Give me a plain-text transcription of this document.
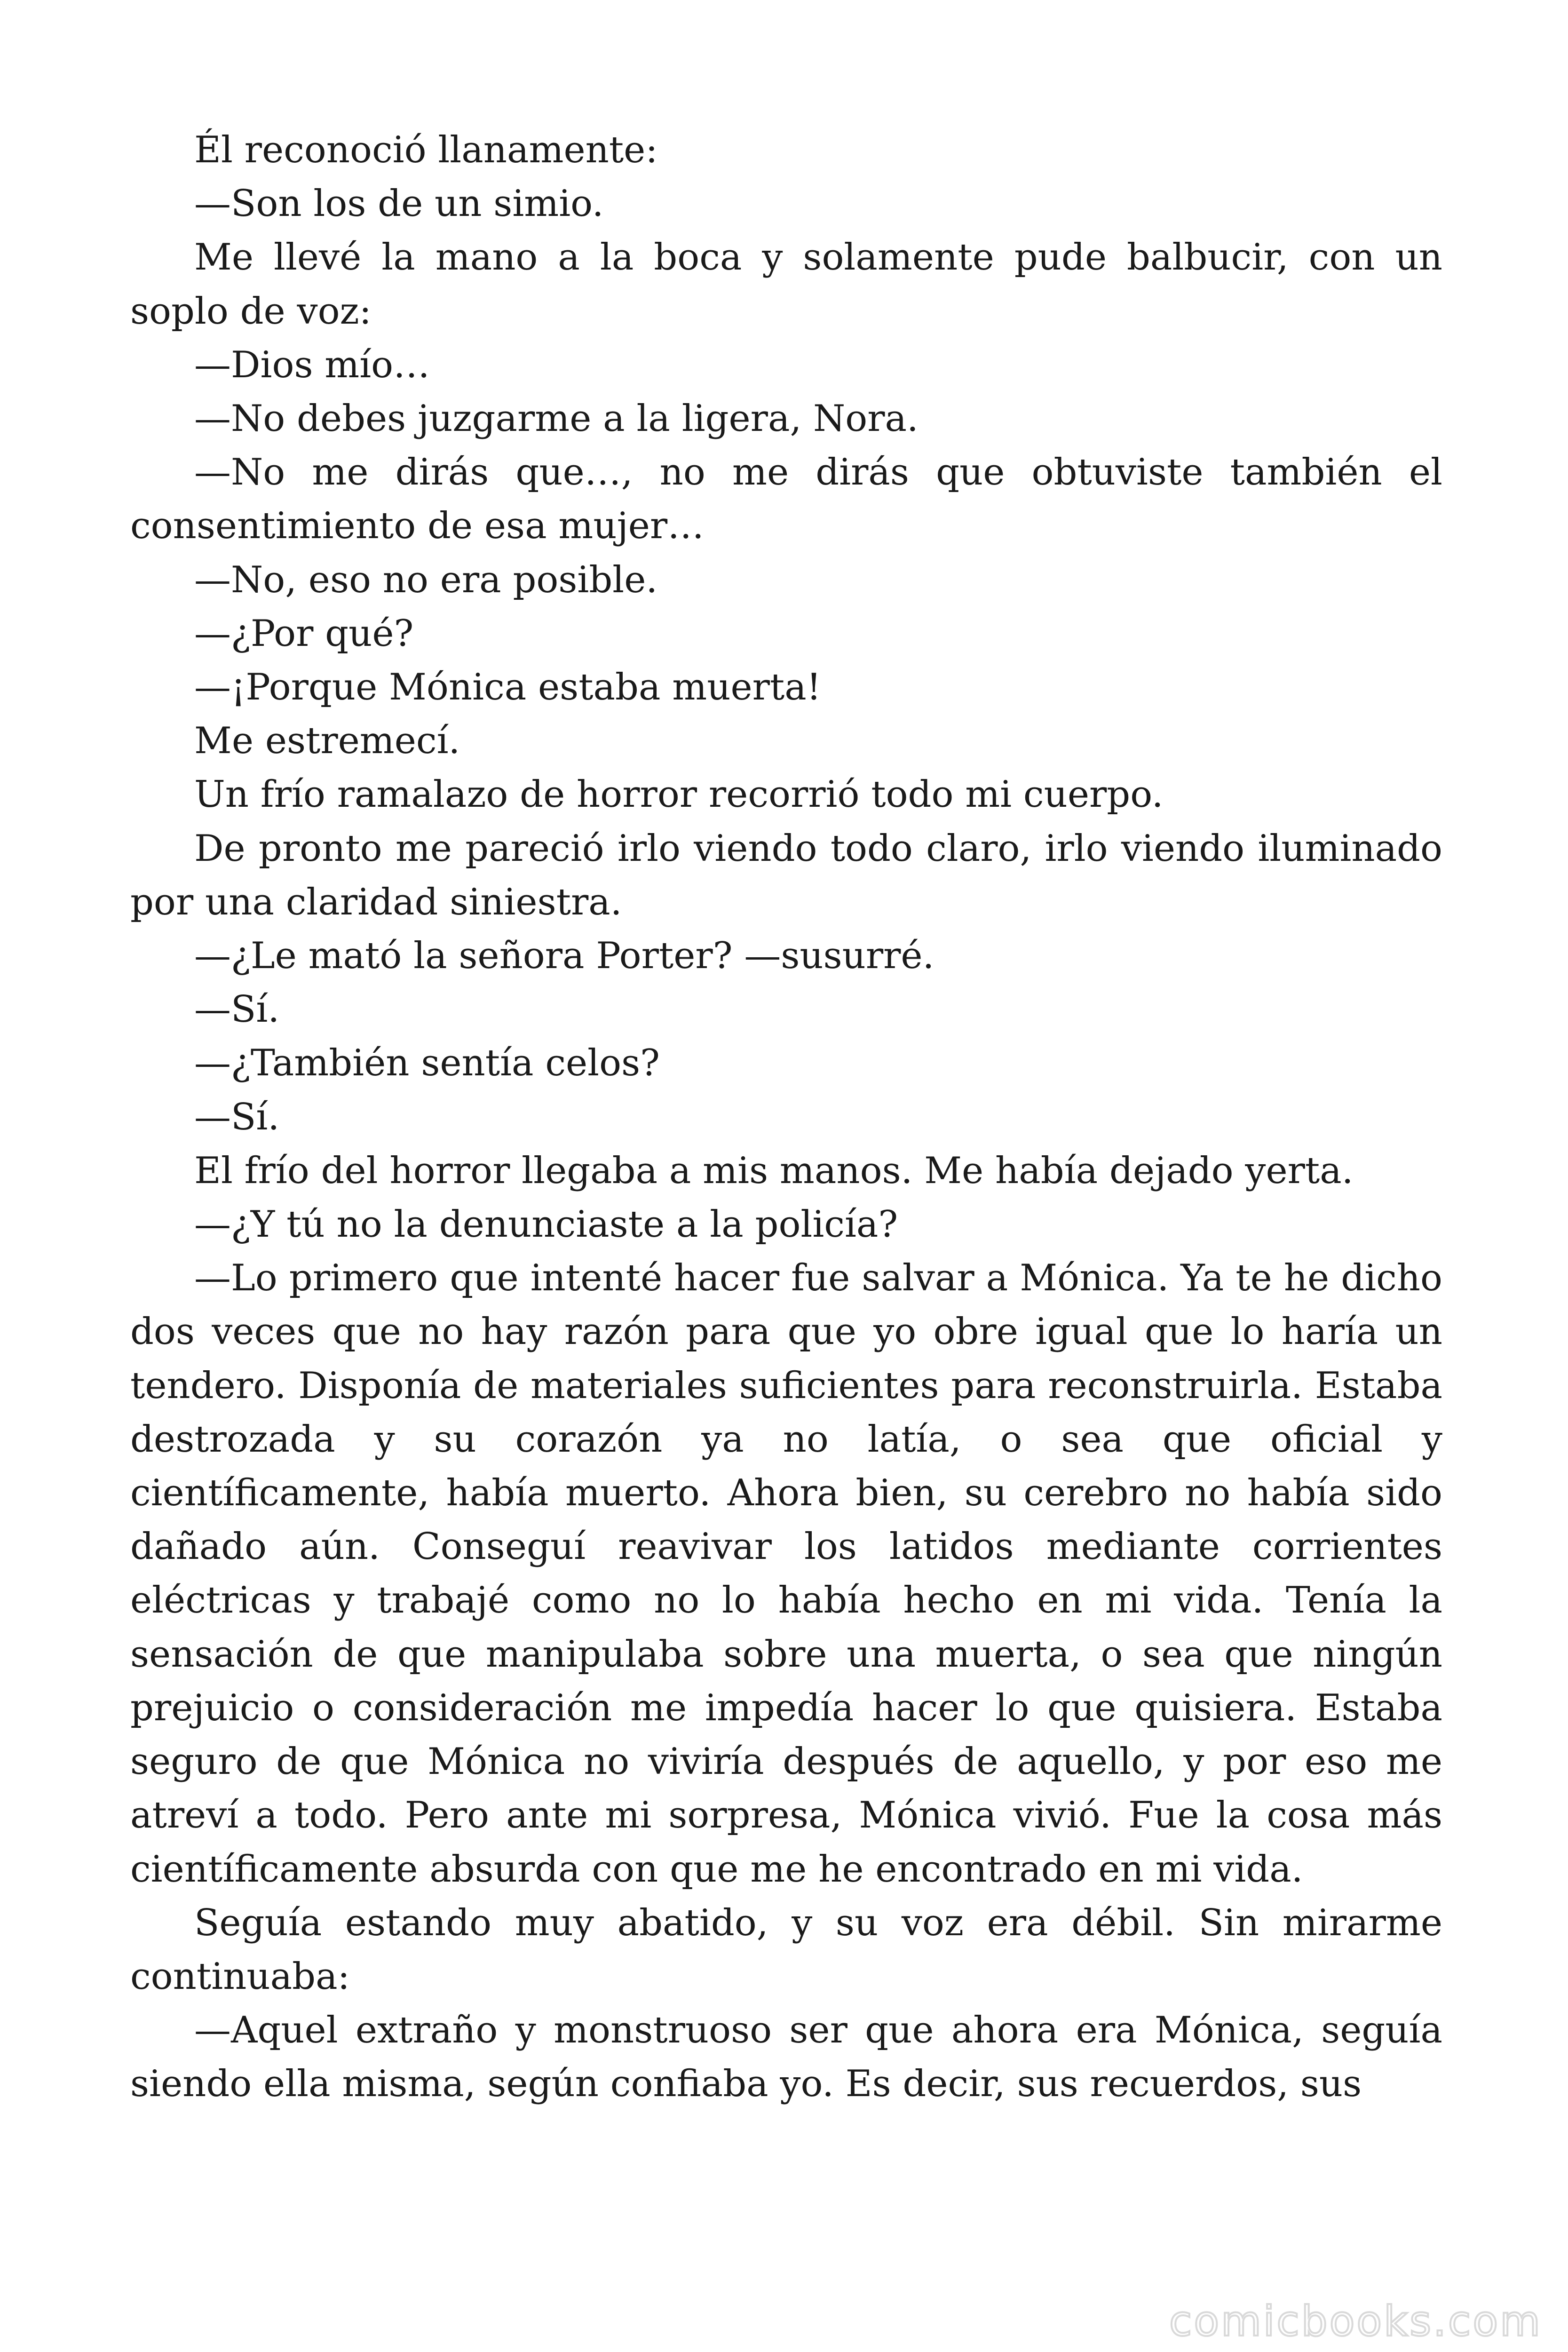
Él reconoció llanamente:

—Son los de un simio.

Me llevé la mano a la boca y solamente pude balbucir, con un soplo de voz:

—Dios mío…

—No debes juzgarme a la ligera, Nora.

—No me dirás que…, no me dirás que obtuviste también el consentimiento de esa mujer…

—No, eso no era posible.

—¿Por qué?

—¡Porque Mónica estaba muerta!

Me estremecí.

Un frío ramalazo de horror recorrió todo mi cuerpo.

De pronto me pareció irlo viendo todo claro, irlo viendo iluminado por una claridad siniestra.

—¿Le mató la señora Porter? —susurré.

—Sí.

—¿También sentía celos?

—Sí.

El frío del horror llegaba a mis manos. Me había dejado yerta.

—¿Y tú no la denunciaste a la policía?

—Lo primero que intenté hacer fue salvar a Mónica. Ya te he dicho dos veces que no hay razón para que yo obre igual que lo haría un tendero. Disponía de materiales suficientes para reconstruirla. Estaba destrozada y su corazón ya no latía, o sea que oficial y científicamente, había muerto. Ahora bien, su cerebro no había sido dañado aún. Conseguí reavivar los latidos mediante corrientes eléctricas y trabajé como no lo había hecho en mi vida. Tenía la sensación de que manipulaba sobre una muerta, o sea que ningún prejuicio o consideración me impedía hacer lo que quisiera. Estaba seguro de que Mónica no viviría después de aquello, y por eso me atreví a todo. Pero ante mi sorpresa, Mónica vivió. Fue la cosa más científicamente absurda con que me he encontrado en mi vida.

Seguía estando muy abatido, y su voz era débil. Sin mirarme continuaba:

—Aquel extraño y monstruoso ser que ahora era Mónica, seguía siendo ella misma, según confiaba yo. Es decir, sus recuerdos, sus

comicbooks.com
